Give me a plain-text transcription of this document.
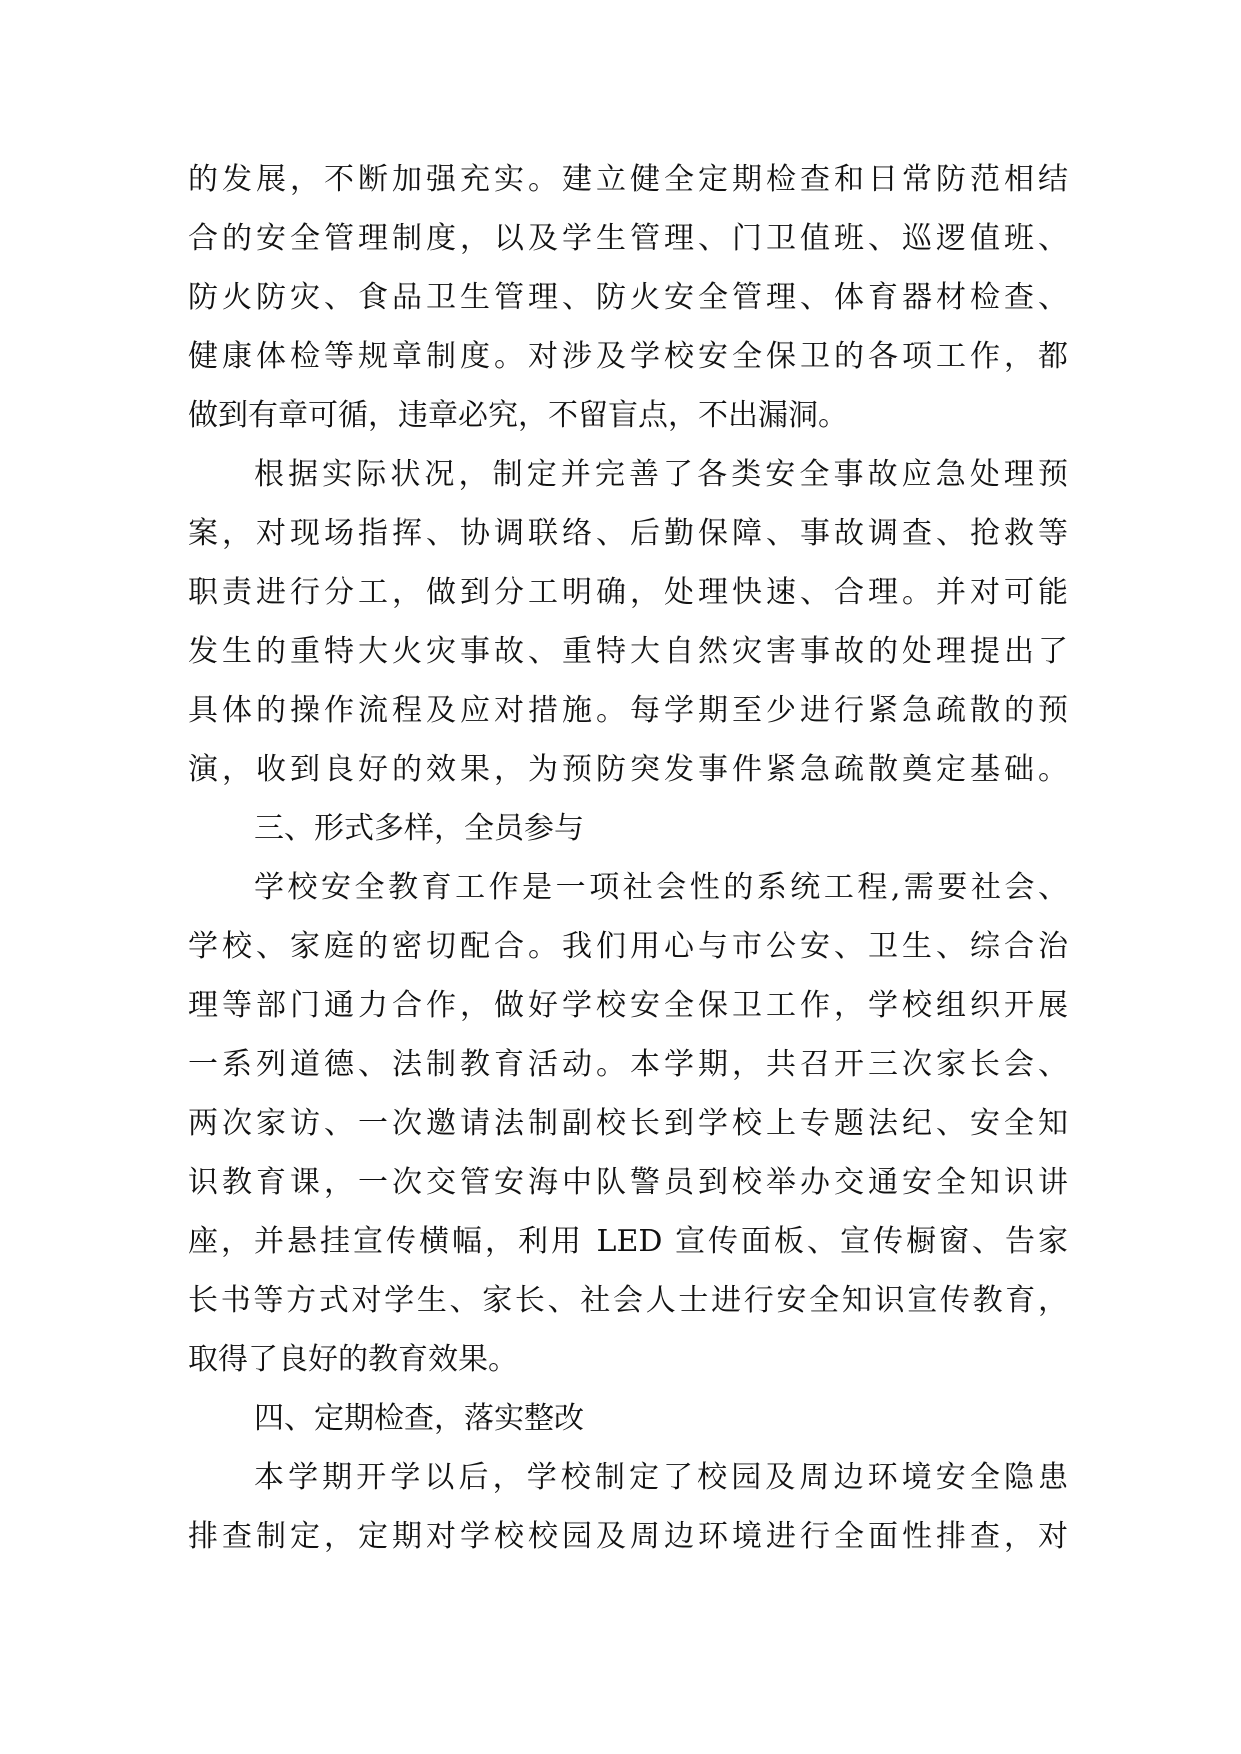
的发展，不断加强充实。建立健全定期检查和日常防范相结
合的安全管理制度，以及学生管理、门卫值班、巡逻值班、
防火防灾、食品卫生管理、防火安全管理、体育器材检查、
健康体检等规章制度。对涉及学校安全保卫的各项工作，都
做到有章可循，违章必究，不留盲点，不出漏洞。
根据实际状况，制定并完善了各类安全事故应急处理预
案，对现场指挥、协调联络、后勤保障、事故调查、抢救等
职责进行分工，做到分工明确，处理快速、合理。并对可能
发生的重特大火灾事故、重特大自然灾害事故的处理提出了
具体的操作流程及应对措施。每学期至少进行紧急疏散的预
演，收到良好的效果，为预防突发事件紧急疏散奠定基础。
三、形式多样，全员参与
学校安全教育工作是一项社会性的系统工程,需要社会、
学校、家庭的密切配合。我们用心与市公安、卫生、综合治
理等部门通力合作，做好学校安全保卫工作，学校组织开展
一系列道德、法制教育活动。本学期，共召开三次家长会、
两次家访、一次邀请法制副校长到学校上专题法纪、安全知
识教育课，一次交管安海中队警员到校举办交通安全知识讲
座，并悬挂宣传横幅，利用 LED 宣传面板、宣传橱窗、告家
长书等方式对学生、家长、社会人士进行安全知识宣传教育，
取得了良好的教育效果。
四、定期检查，落实整改
本学期开学以后，学校制定了校园及周边环境安全隐患
排查制定，定期对学校校园及周边环境进行全面性排查，对
